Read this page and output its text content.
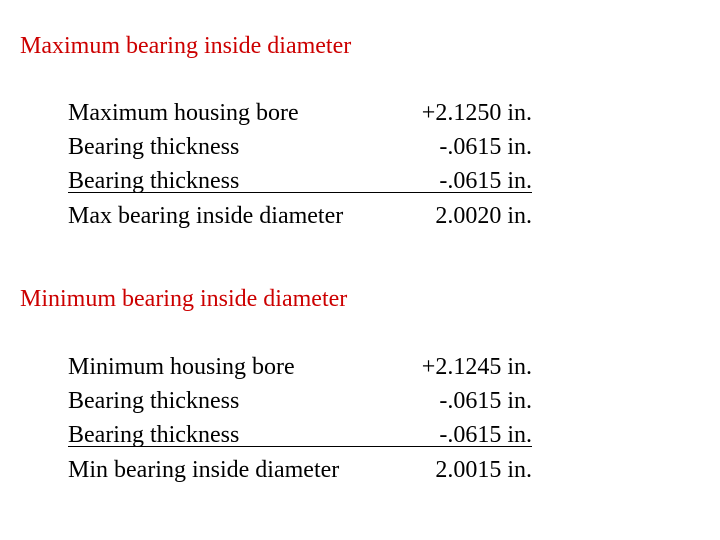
Maximum bearing inside diameter
Maximum housing bore	+2.1250 in.
Bearing thickness	-.0615 in.
Bearing thickness	-.0615 in.
Max bearing inside diameter	2.0020 in.
Minimum bearing inside diameter
Minimum housing bore	+2.1245 in.
Bearing thickness	-.0615 in.
Bearing thickness	-.0615 in.
Min bearing inside diameter	2.0015 in.
